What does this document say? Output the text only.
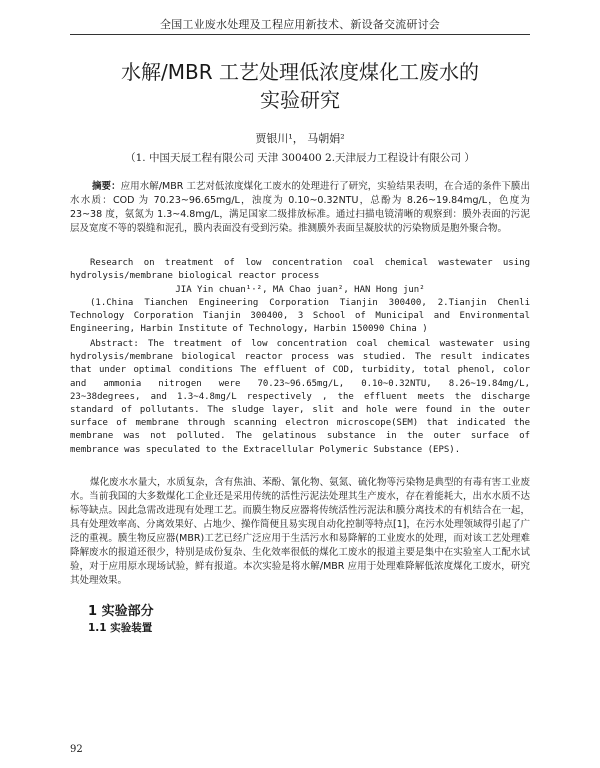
全国工业废水处理及工程应用新技术、新设备交流研讨会
水解/MBR 工艺处理低浓度煤化工废水的
实验研究
贾银川¹， 马朝娟²
（1. 中国天辰工程有限公司 天津 300400 2.天津辰力工程设计有限公司 ）
摘要：应用水解/MBR 工艺对低浓度煤化工废水的处理进行了研究，实验结果表明，在合适的条件下膜出水水质：COD 为 70.23~96.65mg/L，浊度为 0.10~0.32NTU，总酚为 8.26~19.84mg/L，色度为 23~38 度，氨氮为 1.3~4.8mg/L，满足国家二级排放标准。通过扫描电镜清晰的观察到：膜外表面的污泥层及宽度不等的裂缝和泥孔，膜内表面没有受到污染。推测膜外表面呈凝胶状的污染物质是胞外聚合物。
Research on treatment of low concentration coal chemical wastewater using hydrolysis/membrane biological reactor process
JIA Yin chuan¹·², MA Chao juan², HAN Hong jun²
(1.China Tianchen Engineering Corporation Tianjin 300400, 2.Tianjin Chenli Technology Corporation Tianjin 300400, 3 School of Municipal and Environmental Engineering, Harbin Institute of Technology, Harbin 150090 China )
Abstract: The treatment of low concentration coal chemical wastewater using hydrolysis/membrane biological reactor process was studied. The result indicates that under optimal conditions The effluent of COD, turbidity, total phenol, color and ammonia nitrogen were 70.23~96.65mg/L, 0.10~0.32NTU, 8.26~19.84mg/L, 23~38degrees, and 1.3~4.8mg/L respectively , the effluent meets the discharge standard of pollutants. The sludge layer, slit and hole were found in the outer surface of membrane through scanning electron microscope(SEM) that indicated the membrane was not polluted. The gelatinous substance in the outer surface of membrance was speculated to the Extracellular Polymeric Substance (EPS).
煤化废水水量大，水质复杂，含有焦油、苯酚、氰化物、氨氮、硫化物等污染物是典型的有毒有害工业废水。当前我国的大多数煤化工企业还是采用传统的活性污泥法处理其生产废水，存在着能耗大，出水水质不达标等缺点。因此急需改进现有处理工艺。而膜生物反应器将传统活性污泥法和膜分离技术的有机结合在一起，具有处理效率高、分离效果好、占地少、操作简便且易实现自动化控制等特点[1]，在污水处理领域得引起了广泛的重视。膜生物反应器(MBR)工艺已经广泛应用于生活污水和易降解的工业废水的处理，而对该工艺处理难降解废水的报道还很少，特别是成份复杂、生化效率很低的煤化工废水的报道主要是集中在实验室人工配水试验，对于应用原水现场试验，鲜有报道。本次实验是将水解/MBR 应用于处理难降解低浓度煤化工废水，研究其处理效果。
1 实验部分
1.1 实验装置
92
